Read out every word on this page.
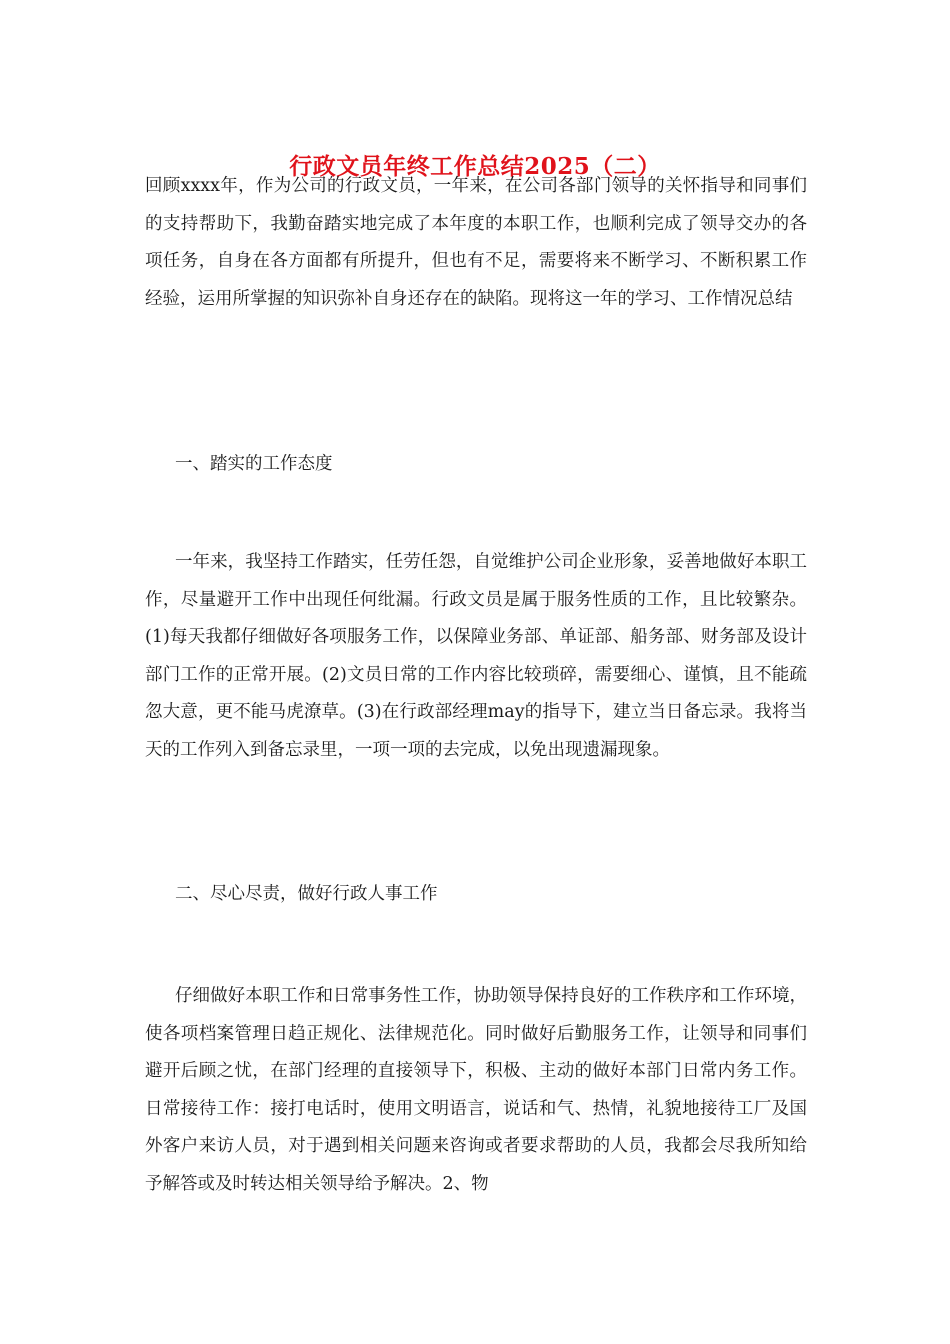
行政文员年终工作总结2025（二）

回顾xxxx年，作为公司的行政文员，一年来，在公司各部门领导的关怀指导和同事们的支持帮助下，我勤奋踏实地完成了本年度的本职工作，也顺利完成了领导交办的各项任务，自身在各方面都有所提升，但也有不足，需要将来不断学习、不断积累工作经验，运用所掌握的知识弥补自身还存在的缺陷。现将这一年的学习、工作情况总结

一、踏实的工作态度

一年来，我坚持工作踏实，任劳任怨，自觉维护公司企业形象，妥善地做好本职工作，尽量避开工作中出现任何纰漏。行政文员是属于服务性质的工作，且比较繁杂。(1)每天我都仔细做好各项服务工作，以保障业务部、单证部、船务部、财务部及设计部门工作的正常开展。(2)文员日常的工作内容比较琐碎，需要细心、谨慎，且不能疏忽大意，更不能马虎潦草。(3)在行政部经理may的指导下，建立当日备忘录。我将当天的工作列入到备忘录里，一项一项的去完成，以免出现遗漏现象。

二、尽心尽责，做好行政人事工作

仔细做好本职工作和日常事务性工作，协助领导保持良好的工作秩序和工作环境，使各项档案管理日趋正规化、法律规范化。同时做好后勤服务工作，让领导和同事们避开后顾之忧，在部门经理的直接领导下，积极、主动的做好本部门日常内务工作。日常接待工作：接打电话时，使用文明语言，说话和气、热情，礼貌地接待工厂及国外客户来访人员，对于遇到相关问题来咨询或者要求帮助的人员，我都会尽我所知给予解答或及时转达相关领导给予解决。2、物
